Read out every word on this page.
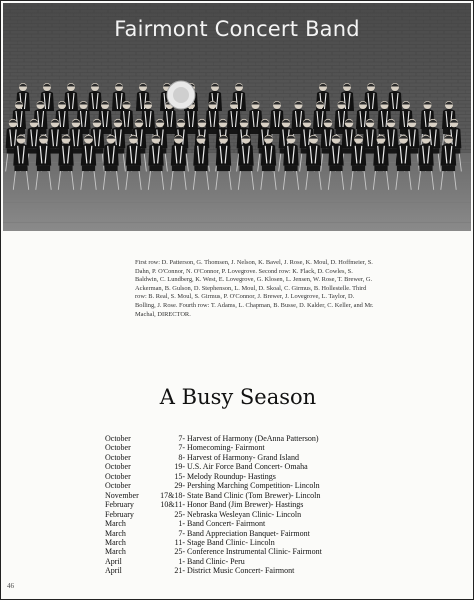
Fairmont Concert Band
First row: D. Patterson, G. Thomsen, J. Nelson, K. Bavel, J. Rose, K. Moul, D. Hoffmeier, S. Dahn, P. O'Connor, N. O'Connor, P. Lovegrove. Second row: K. Flack, D. Cowles, S. Baldwin, C. Lundberg, K. West, E. Lovegrove, G. Klosen, L. Jensen, W. Rose, T. Brewer, G. Ackerman, B. Gulson, D. Stephenson, L. Moul, D. Skoal, C. Girmus, B. Hollestelle. Third row: B. Real, S. Moul, S. Girmus, P. O'Connor, J. Brewer, J. Lovegrove, L. Taylor, D. Bolling, J. Rose. Fourth row: T. Adams, L. Chapman, B. Busse, D. Kalder, C. Keller, and Mr. Machal, DIRECTOR.
A Busy Season
October	7- Harvest of Harmony (DeAnna Patterson)
October	7- Homecoming- Fairmont
October	8- Harvest of Harmony- Grand Island
October	19- U.S. Air Force Band Concert- Omaha
October	15- Melody Roundup- Hastings
October	29- Pershing Marching Competition- Lincoln
November	17&18- State Band Clinic (Tom Brewer)- Lincoln
February	10&11- Honor Band (Jim Brewer)- Hastings
February	25- Nebraska Wesleyan Clinic- Lincoln
March	1- Band Concert- Fairmont
March	7- Band Appreciation Banquet- Fairmont
March	11- Stage Band Clinic- Lincoln
March	25- Conference Instrumental Clinic- Fairmont
April	1- Band Clinic- Peru
April	21- District Music Concert- Fairmont
46
